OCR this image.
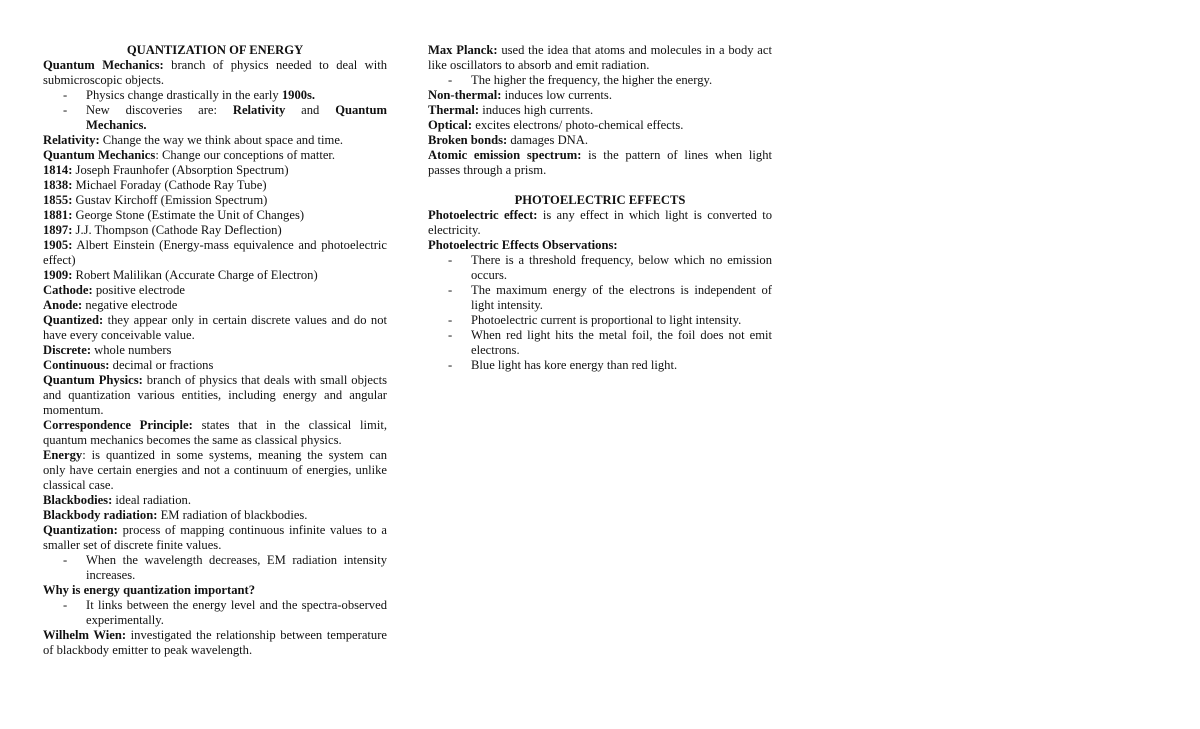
QUANTIZATION OF ENERGY
Quantum Mechanics: branch of physics needed to deal with submicroscopic objects.
- Physics change drastically in the early 1900s.
- New discoveries are: Relativity and Quantum Mechanics.
Relativity: Change the way we think about space and time.
Quantum Mechanics: Change our conceptions of matter.
1814: Joseph Fraunhofer (Absorption Spectrum)
1838: Michael Foraday (Cathode Ray Tube)
1855: Gustav Kirchoff (Emission Spectrum)
1881: George Stone (Estimate the Unit of Changes)
1897: J.J. Thompson (Cathode Ray Deflection)
1905: Albert Einstein (Energy-mass equivalence and photoelectric effect)
1909: Robert Malilikan (Accurate Charge of Electron)
Cathode: positive electrode
Anode: negative electrode
Quantized: they appear only in certain discrete values and do not have every conceivable value.
Discrete: whole numbers
Continuous: decimal or fractions
Quantum Physics: branch of physics that deals with small objects and quantization various entities, including energy and angular momentum.
Correspondence Principle: states that in the classical limit, quantum mechanics becomes the same as classical physics.
Energy: is quantized in some systems, meaning the system can only have certain energies and not a continuum of energies, unlike classical case.
Blackbodies: ideal radiation.
Blackbody radiation: EM radiation of blackbodies.
Quantization: process of mapping continuous infinite values to a smaller set of discrete finite values.
- When the wavelength decreases, EM radiation intensity increases.
Why is energy quantization important?
- It links between the energy level and the spectra-observed experimentally.
Wilhelm Wien: investigated the relationship between temperature of blackbody emitter to peak wavelength.
Max Planck: used the idea that atoms and molecules in a body act like oscillators to absorb and emit radiation.
- The higher the frequency, the higher the energy.
Non-thermal: induces low currents.
Thermal: induces high currents.
Optical: excites electrons/ photo-chemical effects.
Broken bonds: damages DNA.
Atomic emission spectrum: is the pattern of lines when light passes through a prism.
PHOTOELECTRIC EFFECTS
Photoelectric effect: is any effect in which light is converted to electricity.
Photoelectric Effects Observations:
- There is a threshold frequency, below which no emission occurs.
- The maximum energy of the electrons is independent of light intensity.
- Photoelectric current is proportional to light intensity.
- When red light hits the metal foil, the foil does not emit electrons.
- Blue light has kore energy than red light.
